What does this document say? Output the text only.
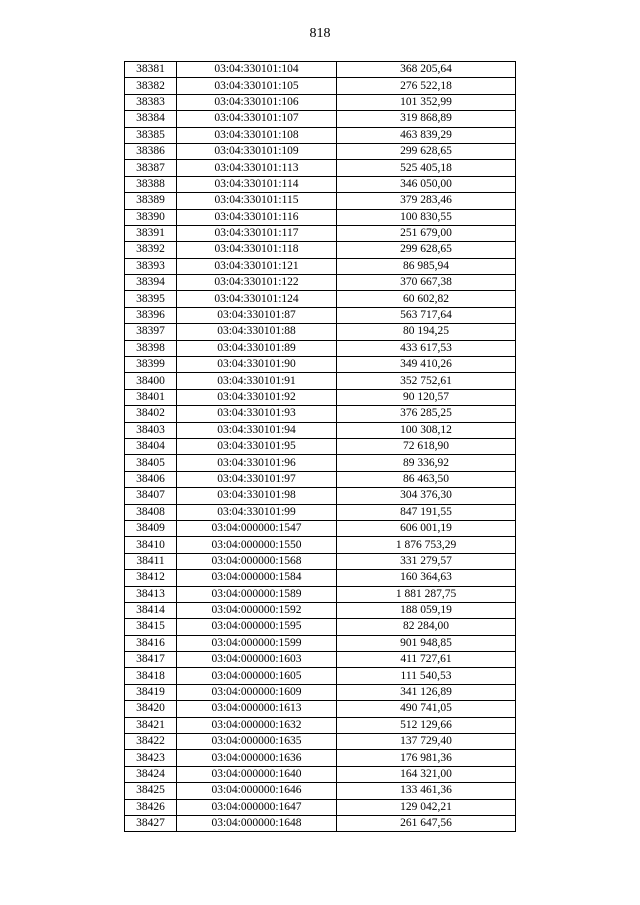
818
38381	03:04:330101:104	368 205,64
38382	03:04:330101:105	276 522,18
38383	03:04:330101:106	101 352,99
38384	03:04:330101:107	319 868,89
38385	03:04:330101:108	463 839,29
38386	03:04:330101:109	299 628,65
38387	03:04:330101:113	525 405,18
38388	03:04:330101:114	346 050,00
38389	03:04:330101:115	379 283,46
38390	03:04:330101:116	100 830,55
38391	03:04:330101:117	251 679,00
38392	03:04:330101:118	299 628,65
38393	03:04:330101:121	86 985,94
38394	03:04:330101:122	370 667,38
38395	03:04:330101:124	60 602,82
38396	03:04:330101:87	563 717,64
38397	03:04:330101:88	80 194,25
38398	03:04:330101:89	433 617,53
38399	03:04:330101:90	349 410,26
38400	03:04:330101:91	352 752,61
38401	03:04:330101:92	90 120,57
38402	03:04:330101:93	376 285,25
38403	03:04:330101:94	100 308,12
38404	03:04:330101:95	72 618,90
38405	03:04:330101:96	89 336,92
38406	03:04:330101:97	86 463,50
38407	03:04:330101:98	304 376,30
38408	03:04:330101:99	847 191,55
38409	03:04:000000:1547	606 001,19
38410	03:04:000000:1550	1 876 753,29
38411	03:04:000000:1568	331 279,57
38412	03:04:000000:1584	160 364,63
38413	03:04:000000:1589	1 881 287,75
38414	03:04:000000:1592	188 059,19
38415	03:04:000000:1595	82 284,00
38416	03:04:000000:1599	901 948,85
38417	03:04:000000:1603	411 727,61
38418	03:04:000000:1605	111 540,53
38419	03:04:000000:1609	341 126,89
38420	03:04:000000:1613	490 741,05
38421	03:04:000000:1632	512 129,66
38422	03:04:000000:1635	137 729,40
38423	03:04:000000:1636	176 981,36
38424	03:04:000000:1640	164 321,00
38425	03:04:000000:1646	133 461,36
38426	03:04:000000:1647	129 042,21
38427	03:04:000000:1648	261 647,56
